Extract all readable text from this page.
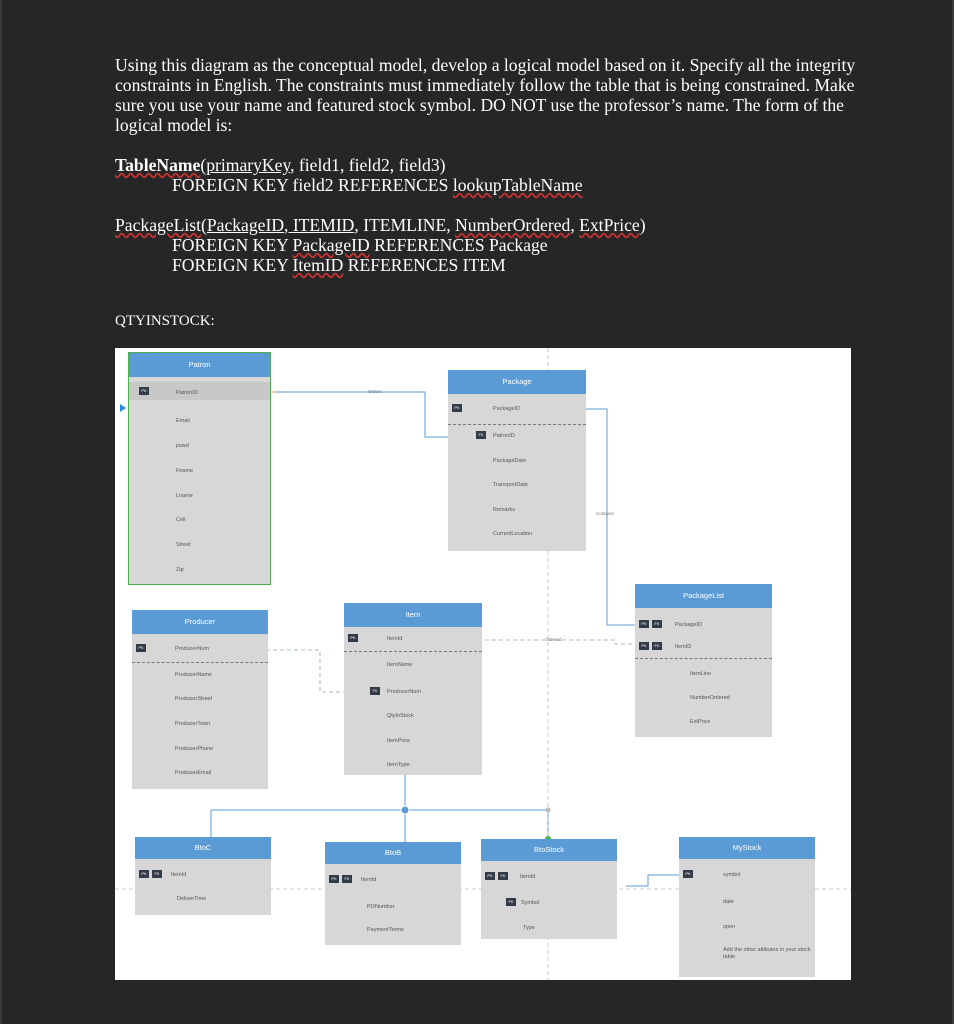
Using this diagram as the conceptual model, develop a logical model based on it. Specify all the integrity constraints in English. The constraints must immediately follow the table that is being constrained. Make sure you use your name and featured stock symbol. DO NOT use the professor’s name. The form of the logical model is:

TableName(primaryKey, field1, field2, field3)

FOREIGN KEY field2 REFERENCES lookupTableName

PackageList(PackageID, ITEMID, ITEMLINE, NumberOrdered, ExtPrice)

FOREIGN KEY PackageID REFERENCES Package

FOREIGN KEY ItemID REFERENCES ITEM

QTYINSTOCK:
Orders
Contains
Ordered
Patron
PK	PatronID
Email
pswd
Fname
Lname
Cell
Street
Zip
Package
PK	PackageID
FK	PatronID
PackageDate
TransportDate
Remarks
CurrentLocation
PackageList
PK	FK	PackageID
PK	FK	ItemID
ItemLine
NumberOrdered
ExtPrice
Producer
PK	ProducerNum
ProducerName
ProducerStreet
ProducerTown
ProducerPhone
ProducerEmail
Item
PK	ItemId
ItemName
FK	ProducerNum
QtyInStock
ItemPrice
ItemType
BtoC
PK	FK	ItemId
DeliverTime
BtoB
PK	FK	ItemId
PONumber
PaymentTerms
BtoStock
PK	FK	ItemId
FK	Symbol
Type
MyStock
PK	symbol
date
open
Add the other attibutes in your stock table
